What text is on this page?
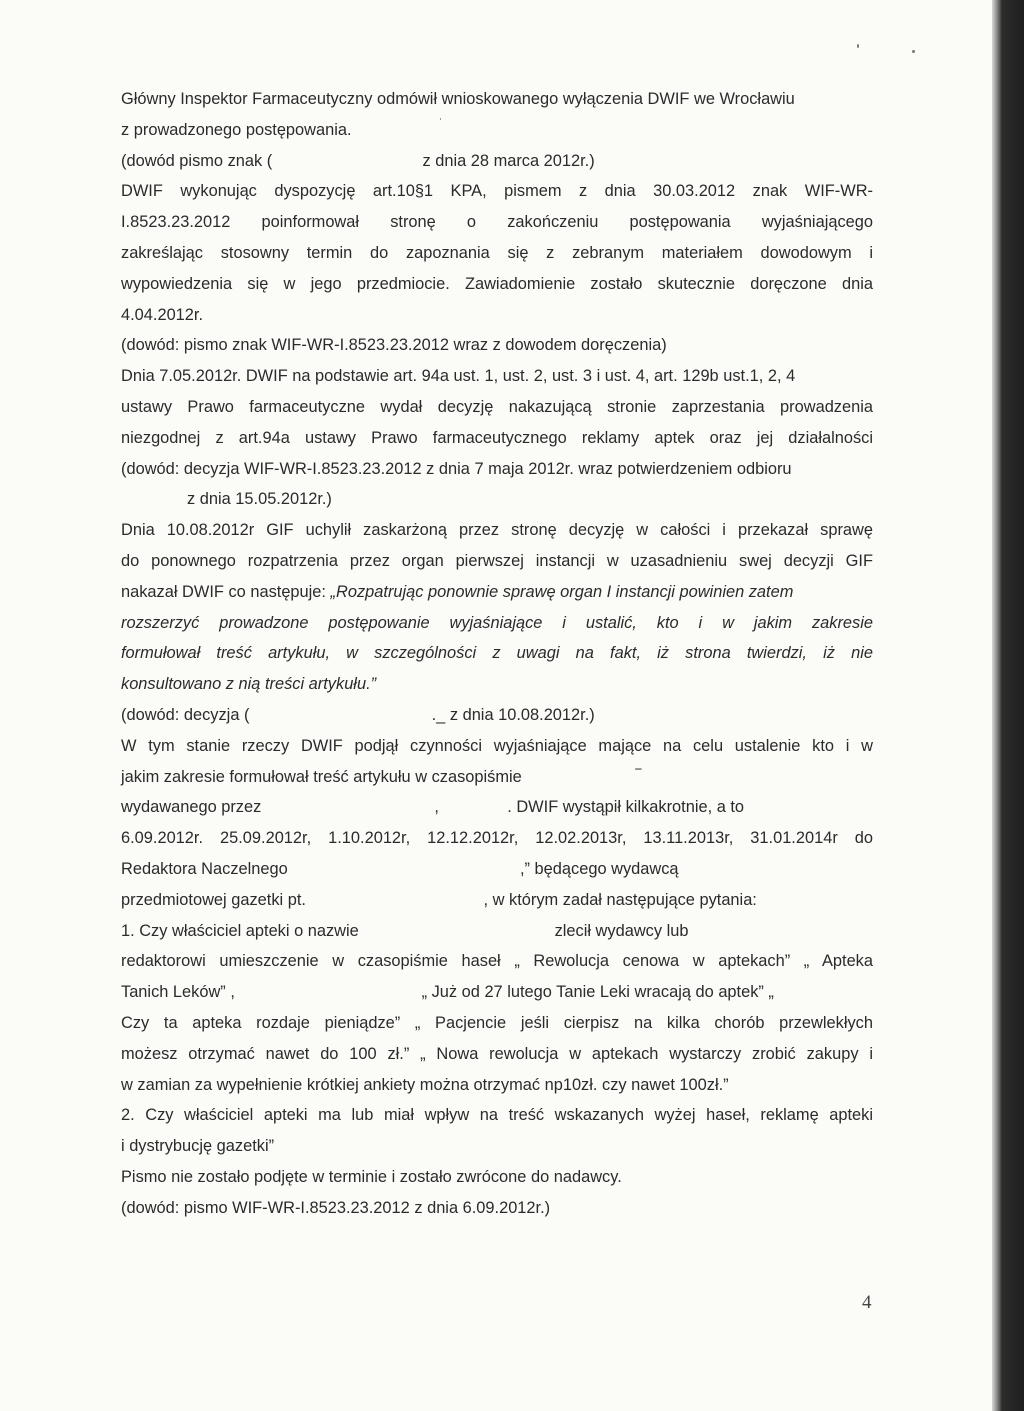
Główny Inspektor Farmaceutyczny odmówił wnioskowanego wyłączenia DWIF we Wrocławiu

z prowadzonego postępowania.

(dowód pismo znak (                                 z dnia 28 marca 2012r.)

DWIF wykonując dyspozycję art.10§1 KPA, pismem z dnia 30.03.2012 znak WIF-WR-

I.8523.23.2012 poinformował stronę o zakończeniu postępowania wyjaśniającego

zakreślając stosowny termin do zapoznania się z zebranym materiałem dowodowym i

wypowiedzenia się w jego przedmiocie. Zawiadomienie zostało skutecznie doręczone dnia

4.04.2012r.

(dowód: pismo znak WIF-WR-I.8523.23.2012 wraz z dowodem doręczenia)

Dnia 7.05.2012r. DWIF na podstawie art. 94a ust. 1, ust. 2, ust. 3 i ust. 4, art. 129b ust.1, 2, 4

ustawy Prawo farmaceutyczne wydał decyzję nakazującą stronie zaprzestania prowadzenia

niezgodnej z art.94a ustawy Prawo farmaceutycznego reklamy aptek oraz jej działalności

(dowód: decyzja WIF-WR-I.8523.23.2012 z dnia 7 maja 2012r. wraz potwierdzeniem odbioru

z dnia 15.05.2012r.)

Dnia 10.08.2012r GIF uchylił zaskarżoną przez stronę decyzję w całości i przekazał sprawę

do ponownego rozpatrzenia przez organ pierwszej instancji w uzasadnieniu swej decyzji GIF

nakazał DWIF co następuje: „Rozpatrując ponownie sprawę organ I instancji powinien zatem

rozszerzyć prowadzone postępowanie wyjaśniające i ustalić, kto i w jakim zakresie

formułował treść artykułu, w szczególności z uwagi na fakt, iż strona twierdzi, iż nie

konsultowano z nią treści artykułu.”

(dowód: decyzja (                                        ._ z dnia 10.08.2012r.)

W tym stanie rzeczy DWIF podjął czynności wyjaśniające mające na celu ustalenie kto i w

jakim zakresie formułował treść artykułu w czasopiśmie                         ‾

wydawanego przez                                      ,               . DWIF wystąpił kilkakrotnie, a to

6.09.2012r. 25.09.2012r, 1.10.2012r, 12.12.2012r, 12.02.2013r, 13.11.2013r, 31.01.2014r do

Redaktora Naczelnego                                                   ,” będącego wydawcą

przedmiotowej gazetki pt.                                       , w którym zadał następujące pytania:

1. Czy właściciel apteki o nazwie                                           zlecił wydawcy lub

redaktorowi umieszczenie w czasopiśmie haseł „ Rewolucja cenowa w aptekach” „ Apteka

Tanich Leków” ,                                         „ Już od 27 lutego Tanie Leki wracają do aptek” „

Czy ta apteka rozdaje pieniądze” „ Pacjencie jeśli cierpisz na kilka chorób przewlekłych

możesz otrzymać nawet do 100 zł.” „ Nowa rewolucja w aptekach wystarczy zrobić zakupy i

w zamian za wypełnienie krótkiej ankiety można otrzymać np10zł. czy nawet 100zł.”

2. Czy właściciel apteki ma lub miał wpływ na treść wskazanych wyżej haseł, reklamę apteki

i dystrybucję gazetki”

Pismo nie zostało podjęte w terminie i zostało zwrócone do nadawcy.

(dowód: pismo WIF-WR-I.8523.23.2012 z dnia 6.09.2012r.)

4
